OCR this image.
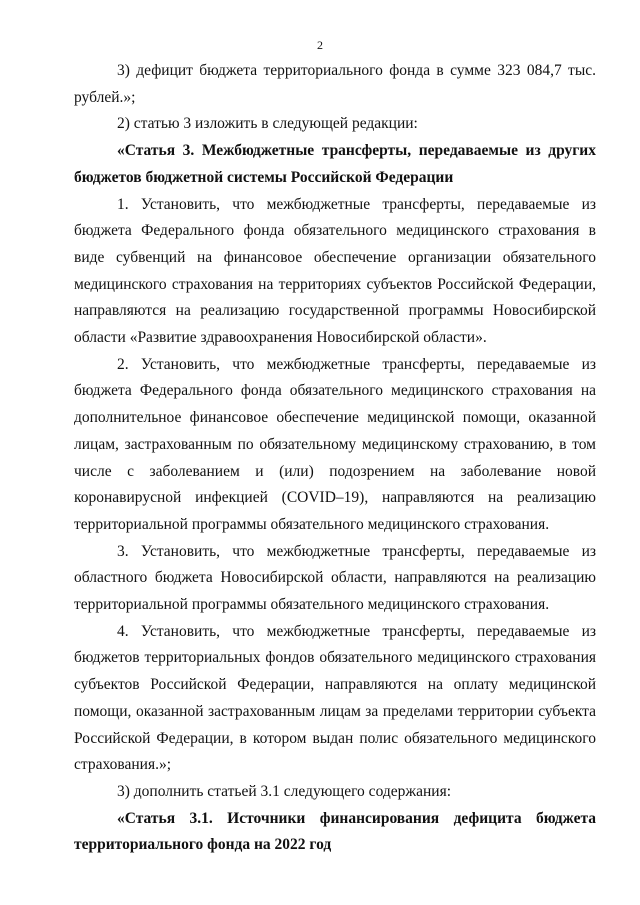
2

3) дефицит бюджета территориального фонда в сумме 323 084,7 тыс. рублей.»;

2) статью 3 изложить в следующей редакции:

«Статья 3. Межбюджетные трансферты, передаваемые из других бюджетов бюджетной системы Российской Федерации

1. Установить, что межбюджетные трансферты, передаваемые из бюджета Федерального фонда обязательного медицинского страхования в виде субвенций на финансовое обеспечение организации обязательного медицинского страхования на территориях субъектов Российской Федерации, направляются на реализацию государственной программы Новосибирской области «Развитие здравоохранения Новосибирской области».

2. Установить, что межбюджетные трансферты, передаваемые из бюджета Федерального фонда обязательного медицинского страхования на дополнительное финансовое обеспечение медицинской помощи, оказанной лицам, застрахованным по обязательному медицинскому страхованию, в том числе с заболеванием и (или) подозрением на заболевание новой коронавирусной инфекцией (COVID–19), направляются на реализацию территориальной программы обязательного медицинского страхования.

3. Установить, что межбюджетные трансферты, передаваемые из областного бюджета Новосибирской области, направляются на реализацию территориальной программы обязательного медицинского страхования.

4. Установить, что межбюджетные трансферты, передаваемые из бюджетов территориальных фондов обязательного медицинского страхования субъектов Российской Федерации, направляются на оплату медицинской помощи, оказанной застрахованным лицам за пределами территории субъекта Российской Федерации, в котором выдан полис обязательного медицинского страхования.»;

3) дополнить статьей 3.1 следующего содержания:

«Статья 3.1. Источники финансирования дефицита бюджета территориального фонда на 2022 год
